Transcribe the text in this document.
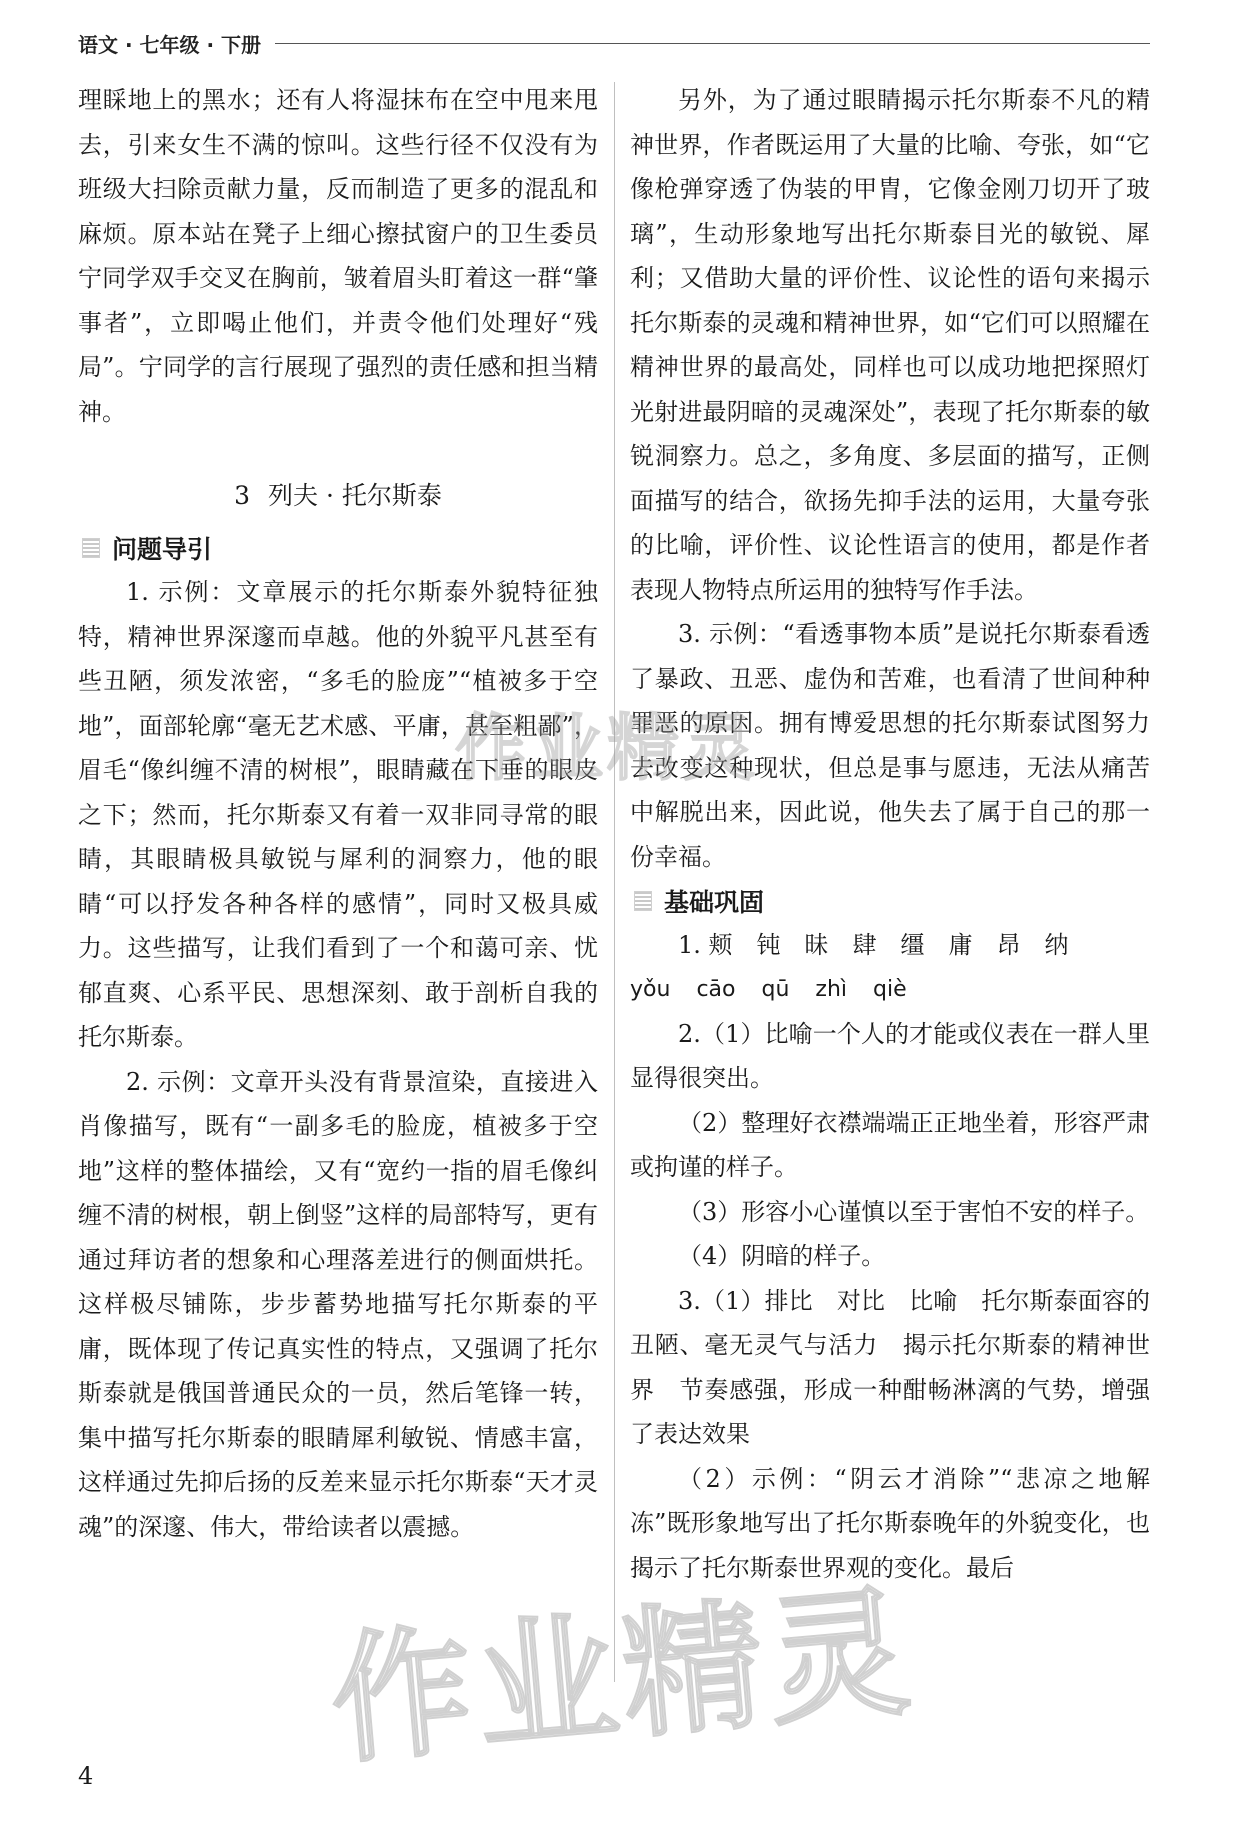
语文 · 七年级 · 下册

理睬地上的黑水；还有人将湿抹布在空中甩来甩去，引来女生不满的惊叫。这些行径不仅没有为班级大扫除贡献力量，反而制造了更多的混乱和麻烦。原本站在凳子上细心擦拭窗户的卫生委员宁同学双手交叉在胸前，皱着眉头盯着这一群“肇事者”，立即喝止他们，并责令他们处理好“残局”。宁同学的言行展现了强烈的责任感和担当精神。

3 列夫 · 托尔斯泰
问题导引

1. 示例：文章展示的托尔斯泰外貌特征独特，精神世界深邃而卓越。他的外貌平凡甚至有些丑陋，须发浓密，“多毛的脸庞”“植被多于空地”，面部轮廓“毫无艺术感、平庸，甚至粗鄙”，眉毛“像纠缠不清的树根”，眼睛藏在下垂的眼皮之下；然而，托尔斯泰又有着一双非同寻常的眼睛，其眼睛极具敏锐与犀利的洞察力，他的眼睛“可以抒发各种各样的感情”，同时又极具威力。这些描写，让我们看到了一个和蔼可亲、忧郁直爽、心系平民、思想深刻、敢于剖析自我的托尔斯泰。

2. 示例：文章开头没有背景渲染，直接进入肖像描写，既有“一副多毛的脸庞，植被多于空地”这样的整体描绘，又有“宽约一指的眉毛像纠缠不清的树根，朝上倒竖”这样的局部特写，更有通过拜访者的想象和心理落差进行的侧面烘托。这样极尽铺陈，步步蓄势地描写托尔斯泰的平庸，既体现了传记真实性的特点，又强调了托尔斯泰就是俄国普通民众的一员，然后笔锋一转，集中描写托尔斯泰的眼睛犀利敏锐、情感丰富，这样通过先抑后扬的反差来显示托尔斯泰“天才灵魂”的深邃、伟大，带给读者以震撼。

另外，为了通过眼睛揭示托尔斯泰不凡的精神世界，作者既运用了大量的比喻、夸张，如“它像枪弹穿透了伪装的甲胄，它像金刚刀切开了玻璃”，生动形象地写出托尔斯泰目光的敏锐、犀利；又借助大量的评价性、议论性的语句来揭示托尔斯泰的灵魂和精神世界，如“它们可以照耀在精神世界的最高处，同样也可以成功地把探照灯光射进最阴暗的灵魂深处”，表现了托尔斯泰的敏锐洞察力。总之，多角度、多层面的描写，正侧面描写的结合，欲扬先抑手法的运用，大量夸张的比喻，评价性、议论性语言的使用，都是作者表现人物特点所运用的独特写作手法。

3. 示例：“看透事物本质”是说托尔斯泰看透了暴政、丑恶、虚伪和苦难，也看清了世间种种罪恶的原因。拥有博爱思想的托尔斯泰试图努力去改变这种现状，但总是事与愿违，无法从痛苦中解脱出来，因此说，他失去了属于自己的那一份幸福。

基础巩固

1. 颊　钝　昧　肆　缰　庸　昂　纳

yǒu cāo qū zhì qiè

2.（1）比喻一个人的才能或仪表在一群人里显得很突出。

（2）整理好衣襟端端正正地坐着，形容严肃或拘谨的样子。

（3）形容小心谨慎以至于害怕不安的样子。

（4）阴暗的样子。

3.（1）排比　对比　比喻　托尔斯泰面容的丑陋、毫无灵气与活力　揭示托尔斯泰的精神世界　节奏感强，形成一种酣畅淋漓的气势，增强了表达效果

（2）示例：“阴云才消除”“悲凉之地解冻”既形象地写出了托尔斯泰晚年的外貌变化，也揭示了托尔斯泰世界观的变化。最后

作业精灵
作业精灵
4
